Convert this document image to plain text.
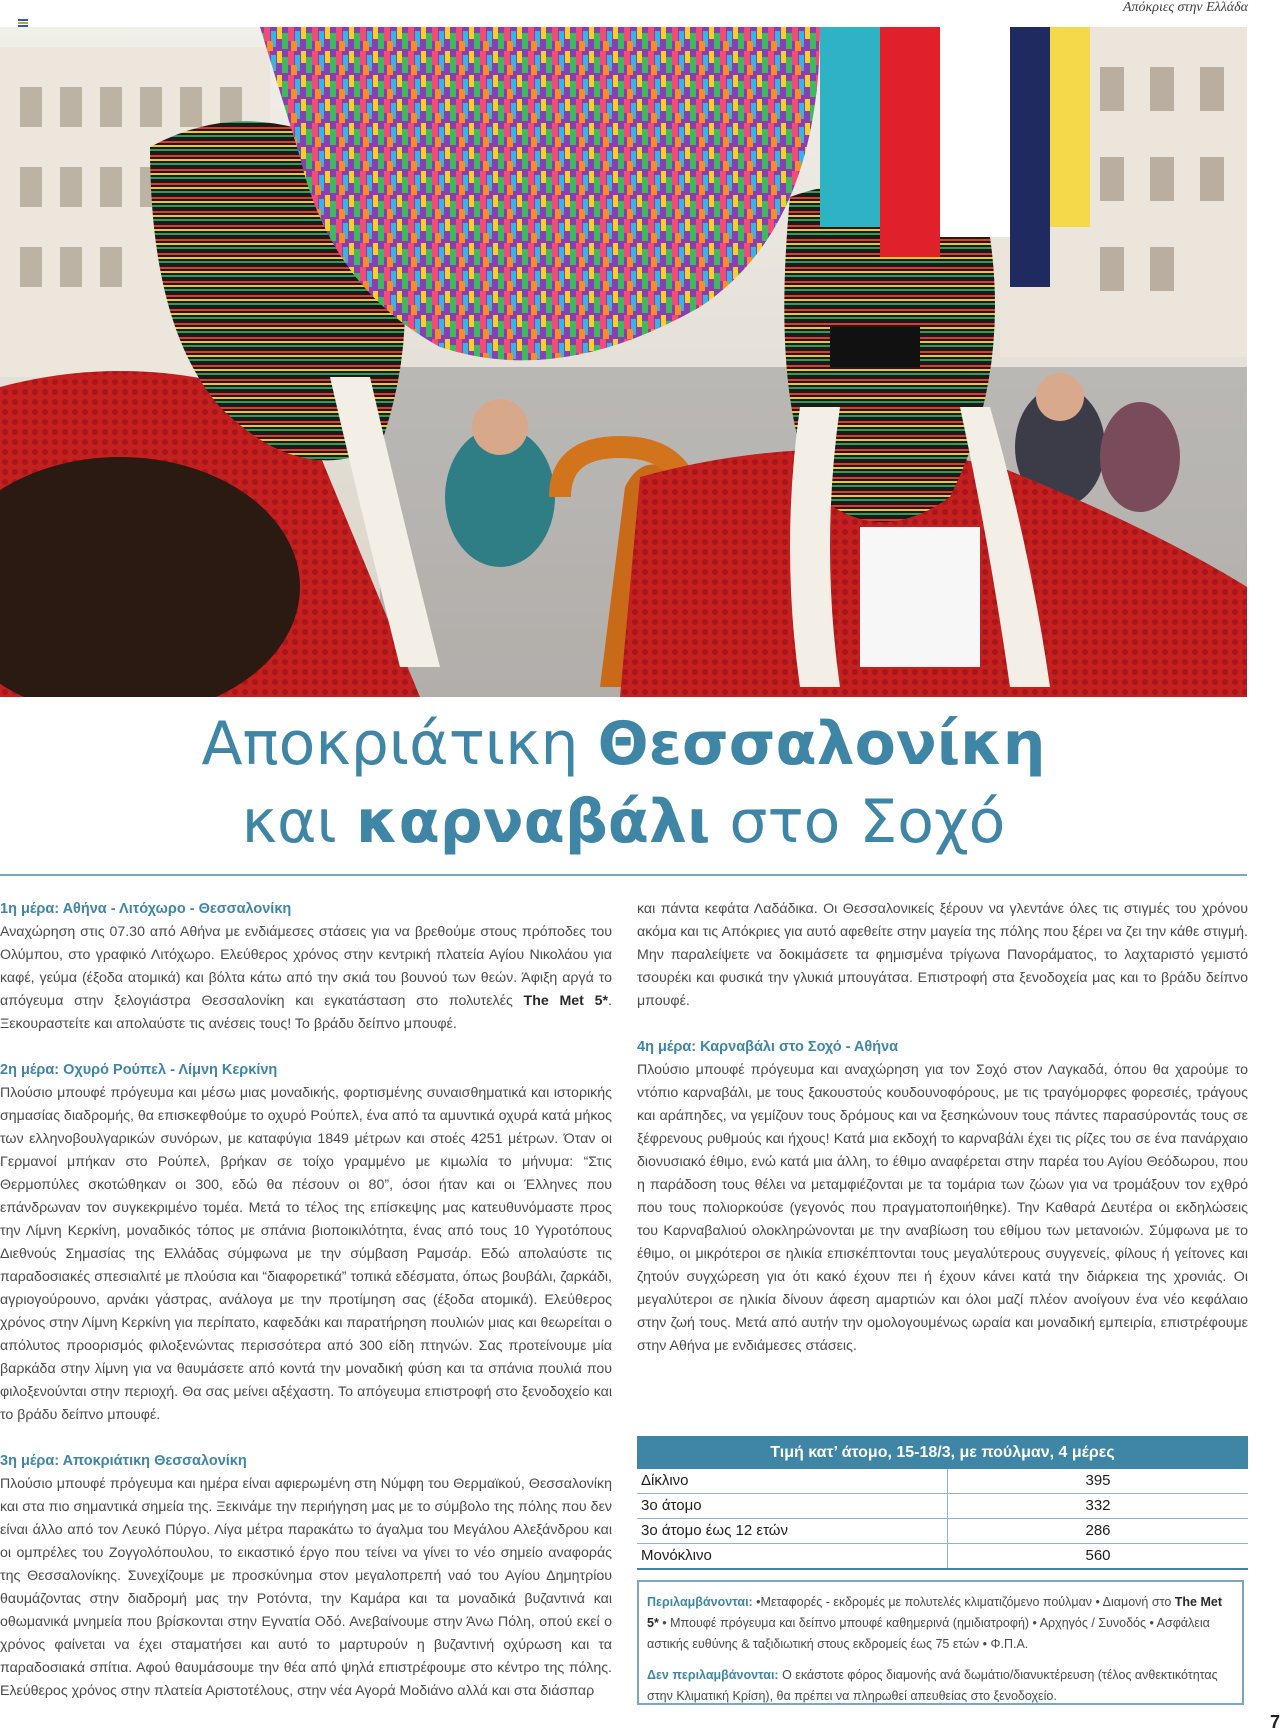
Απόκριες στην Ελλάδα
Αποκριάτικη Θεσσαλονίκη
και καρναβάλι στο Σοχό

1η μέρα: Αθήνα - Λιτόχωρο - Θεσσαλονίκη

Αναχώρηση στις 07.30 από Αθήνα με ενδιάμεσες στάσεις για να βρεθούμε στους πρόποδες του Ολύμπου, στο γραφικό Λιτόχωρο. Ελεύθερος χρόνος στην κεντρική πλατεία Αγίου Νικολάου για καφέ, γεύμα (έξοδα ατομικά) και βόλτα κάτω από την σκιά του βουνού των θεών. Άφιξη αργά το απόγευμα στην ξελογιάστρα Θεσσαλονίκη και εγκατάσταση στο πολυτελές The Met 5*. Ξεκουραστείτε και απολαύστε τις ανέσεις τους! Το βράδυ δείπνο μπουφέ.

2η μέρα: Οχυρό Ρούπελ - Λίμνη Κερκίνη

Πλούσιο μπουφέ πρόγευμα και μέσω μιας μοναδικής, φορτισμένης συναισθηματικά και ιστορικής σημασίας διαδρομής, θα επισκεφθούμε το οχυρό Ρούπελ, ένα από τα αμυντικά οχυρά κατά μήκος των ελληνοβουλγαρικών συνόρων, με καταφύγια 1849 μέτρων και στοές 4251 μέτρων. Όταν οι Γερμανοί μπήκαν στο Ρούπελ, βρήκαν σε τοίχο γραμμένο με κιμωλία το μήνυμα: “Στις Θερμοπύλες σκοτώθηκαν οι 300, εδώ θα πέσουν οι 80”, όσοι ήταν και οι Έλληνες που επάνδρωναν τον συγκεκριμένο τομέα. Μετά το τέλος της επίσκεψης μας κατευθυνόμαστε προς την Λίμνη Κερκίνη, μοναδικός τόπος με σπάνια βιοποικιλότητα, ένας από τους 10 Υγροτόπους Διεθνούς Σημασίας της Ελλάδας σύμφωνα με την σύμβαση Ραμσάρ. Εδώ απολαύστε τις παραδοσιακές σπεσιαλιτέ με πλούσια και “διαφορετικά” τοπικά εδέσματα, όπως βουβάλι, ζαρκάδι, αγριογούρουνο, αρνάκι γάστρας, ανάλογα με την προτίμηση σας (έξοδα ατομικά). Ελεύθερος χρόνος στην Λίμνη Κερκίνη για περίπατο, καφεδάκι και παρατήρηση πουλιών μιας και θεωρείται ο απόλυτος προορισμός φιλοξενώντας περισσότερα από 300 είδη πτηνών. Σας προτείνουμε μία βαρκάδα στην λίμνη για να θαυμάσετε από κοντά την μοναδική φύση και τα σπάνια πουλιά που φιλοξενούνται στην περιοχή. Θα σας μείνει αξέχαστη. Το απόγευμα επιστροφή στο ξενοδοχείο και το βράδυ δείπνο μπουφέ.

3η μέρα: Αποκριάτικη Θεσσαλονίκη

Πλούσιο μπουφέ πρόγευμα και ημέρα είναι αφιερωμένη στη Νύμφη του Θερμαϊκού, Θεσσαλονίκη και στα πιο σημαντικά σημεία της. Ξεκινάμε την περιήγηση μας με το σύμβολο της πόλης που δεν είναι άλλο από τον Λευκό Πύργο. Λίγα μέτρα παρακάτω το άγαλμα του Μεγάλου Αλεξάνδρου και οι ομπρέλες του Ζογγολόπουλου, το εικαστικό έργο που τείνει να γίνει το νέο σημείο αναφοράς της Θεσσαλονίκης. Συνεχίζουμε με προσκύνημα στον μεγαλοπρεπή ναό του Αγίου Δημητρίου θαυμάζοντας στην διαδρομή μας την Ροτόντα, την Καμάρα και τα μοναδικά βυζαντινά και οθωμανικά μνημεία που βρίσκονται στην Εγνατία Οδό. Ανεβαίνουμε στην Άνω Πόλη, οπού εκεί ο χρόνος φαίνεται να έχει σταματήσει και αυτό το μαρτυρούν η βυζαντινή οχύρωση και τα παραδοσιακά σπίτια. Αφού θαυμάσουμε την θέα από ψηλά επιστρέφουμε στο κέντρο της πόλης. Ελεύθερος χρόνος στην πλατεία Αριστοτέλους, στην νέα Αγορά Μοδιάνο αλλά και στα διάσπαρ

και πάντα κεφάτα Λαδάδικα. Οι Θεσσαλονικείς ξέρουν να γλεντάνε όλες τις στιγμές του χρόνου ακόμα και τις Απόκριες για αυτό αφεθείτε στην μαγεία της πόλης που ξέρει να ζει την κάθε στιγμή. Μην παραλείψετε να δοκιμάσετε τα φημισμένα τρίγωνα Πανοράματος, το λαχταριστό γεμιστό τσουρέκι και φυσικά την γλυκιά μπουγάτσα. Επιστροφή στα ξενοδοχεία μας και το βράδυ δείπνο μπουφέ.

4η μέρα: Καρναβάλι στο Σοχό - Αθήνα

Πλούσιο μπουφέ πρόγευμα και αναχώρηση για τον Σοχό στον Λαγκαδά, όπου θα χαρούμε το ντόπιο καρναβάλι, με τους ξακουστούς κουδουνοφόρους, με τις τραγόμορφες φορεσιές, τράγους και αράπηδες, να γεμίζουν τους δρόμους και να ξεσηκώνουν τους πάντες παρασύροντάς τους σε ξέφρενους ρυθμούς και ήχους! Κατά μια εκδοχή το καρναβάλι έχει τις ρίζες του σε ένα πανάρχαιο διονυσιακό έθιμο, ενώ κατά μια άλλη, το έθιμο αναφέρεται στην παρέα του Αγίου Θεόδωρου, που η παράδοση τους θέλει να μεταμφιέζονται με τα τομάρια των ζώων για να τρομάξουν τον εχθρό που τους πολιορκούσε (γεγονός που πραγματοποιήθηκε). Την Καθαρά Δευτέρα οι εκδηλώσεις του Καρναβαλιού ολοκληρώνονται με την αναβίωση του εθίμου των μετανοιών. Σύμφωνα με το έθιμο, οι μικρότεροι σε ηλικία επισκέπτονται τους μεγαλύτερους συγγενείς, φίλους ή γείτονες και ζητούν συγχώρεση για ότι κακό έχουν πει ή έχουν κάνει κατά την διάρκεια της χρονιάς. Οι μεγαλύτεροι σε ηλικία δίνουν άφεση αμαρτιών και όλοι μαζί πλέον ανοίγουν ένα νέο κεφάλαιο στην ζωή τους. Μετά από αυτήν την ομολογουμένως ωραία και μοναδική εμπειρία, επιστρέφουμε στην Αθήνα με ενδιάμεσες στάσεις.

Τιμή κατ’ άτομο, 15-18/3, με πούλμαν, 4 μέρες
Δίκλινο	395
3ο άτομο	332
3ο άτομο έως 12 ετών	286
Μονόκλινο	560
Περιλαμβάνονται: •Μεταφορές - εκδρομές με πολυτελές κλιματιζόμενο πούλμαν • Διαμονή στο The Met 5* • Μπουφέ πρόγευμα και δείπνο μπουφέ καθημερινά (ημιδιατροφή) • Αρχηγός / Συνοδός • Ασφάλεια αστικής ευθύνης & ταξιδιωτική στους εκδρομείς έως 75 ετών • Φ.Π.Α.
Δεν περιλαμβάνονται: Ο εκάστοτε φόρος διαμονής ανά δωμάτιο/διανυκτέρευση (τέλος ανθεκτικότητας στην Κλιματική Κρίση), θα πρέπει να πληρωθεί απευθείας στο ξενοδοχείο.
7
